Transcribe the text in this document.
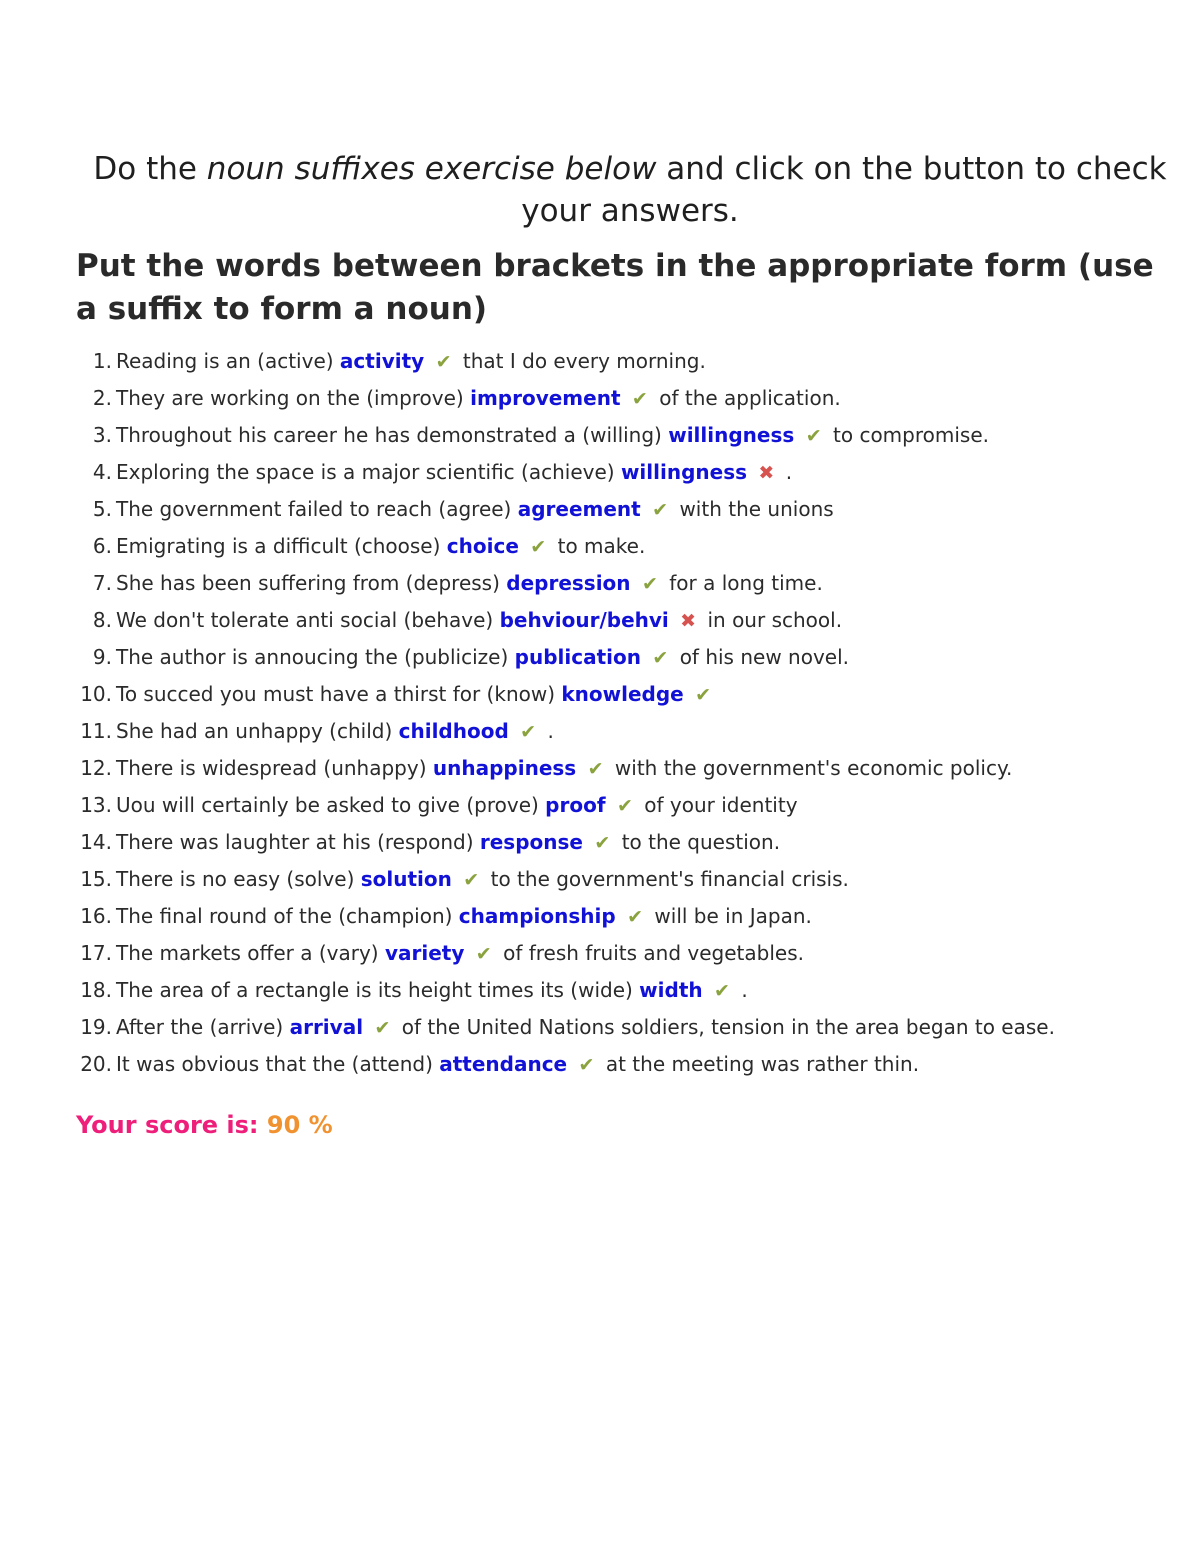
Do the noun suffixes exercise below and click on the button to check your answers.
Put the words between brackets in the appropriate form (use a suffix to form a noun)
1. Reading is an (active) activity ✔ that I do every morning.
2. They are working on the (improve) improvement ✔ of the application.
3. Throughout his career he has demonstrated a (willing) willingness ✔ to compromise.
4. Exploring the space is a major scientific (achieve) willingness ✖ .
5. The government failed to reach (agree) agreement ✔ with the unions
6. Emigrating is a difficult (choose) choice ✔ to make.
7. She has been suffering from (depress) depression ✔ for a long time.
8. We don't tolerate anti social (behave) behviour/behvi ✖ in our school.
9. The author is annoucing the (publicize) publication ✔ of his new novel.
10. To succed you must have a thirst for (know) knowledge ✔
11. She had an unhappy (child) childhood ✔ .
12. There is widespread (unhappy) unhappiness ✔ with the government's economic policy.
13. Uou will certainly be asked to give (prove) proof ✔ of your identity
14. There was laughter at his (respond) response ✔ to the question.
15. There is no easy (solve) solution ✔ to the government's financial crisis.
16. The final round of the (champion) championship ✔ will be in Japan.
17. The markets offer a (vary) variety ✔ of fresh fruits and vegetables.
18. The area of a rectangle is its height times its (wide) width ✔ .
19. After the (arrive) arrival ✔ of the United Nations soldiers, tension in the area began to ease.
20. It was obvious that the (attend) attendance ✔ at the meeting was rather thin.
Your score is: 90 %
